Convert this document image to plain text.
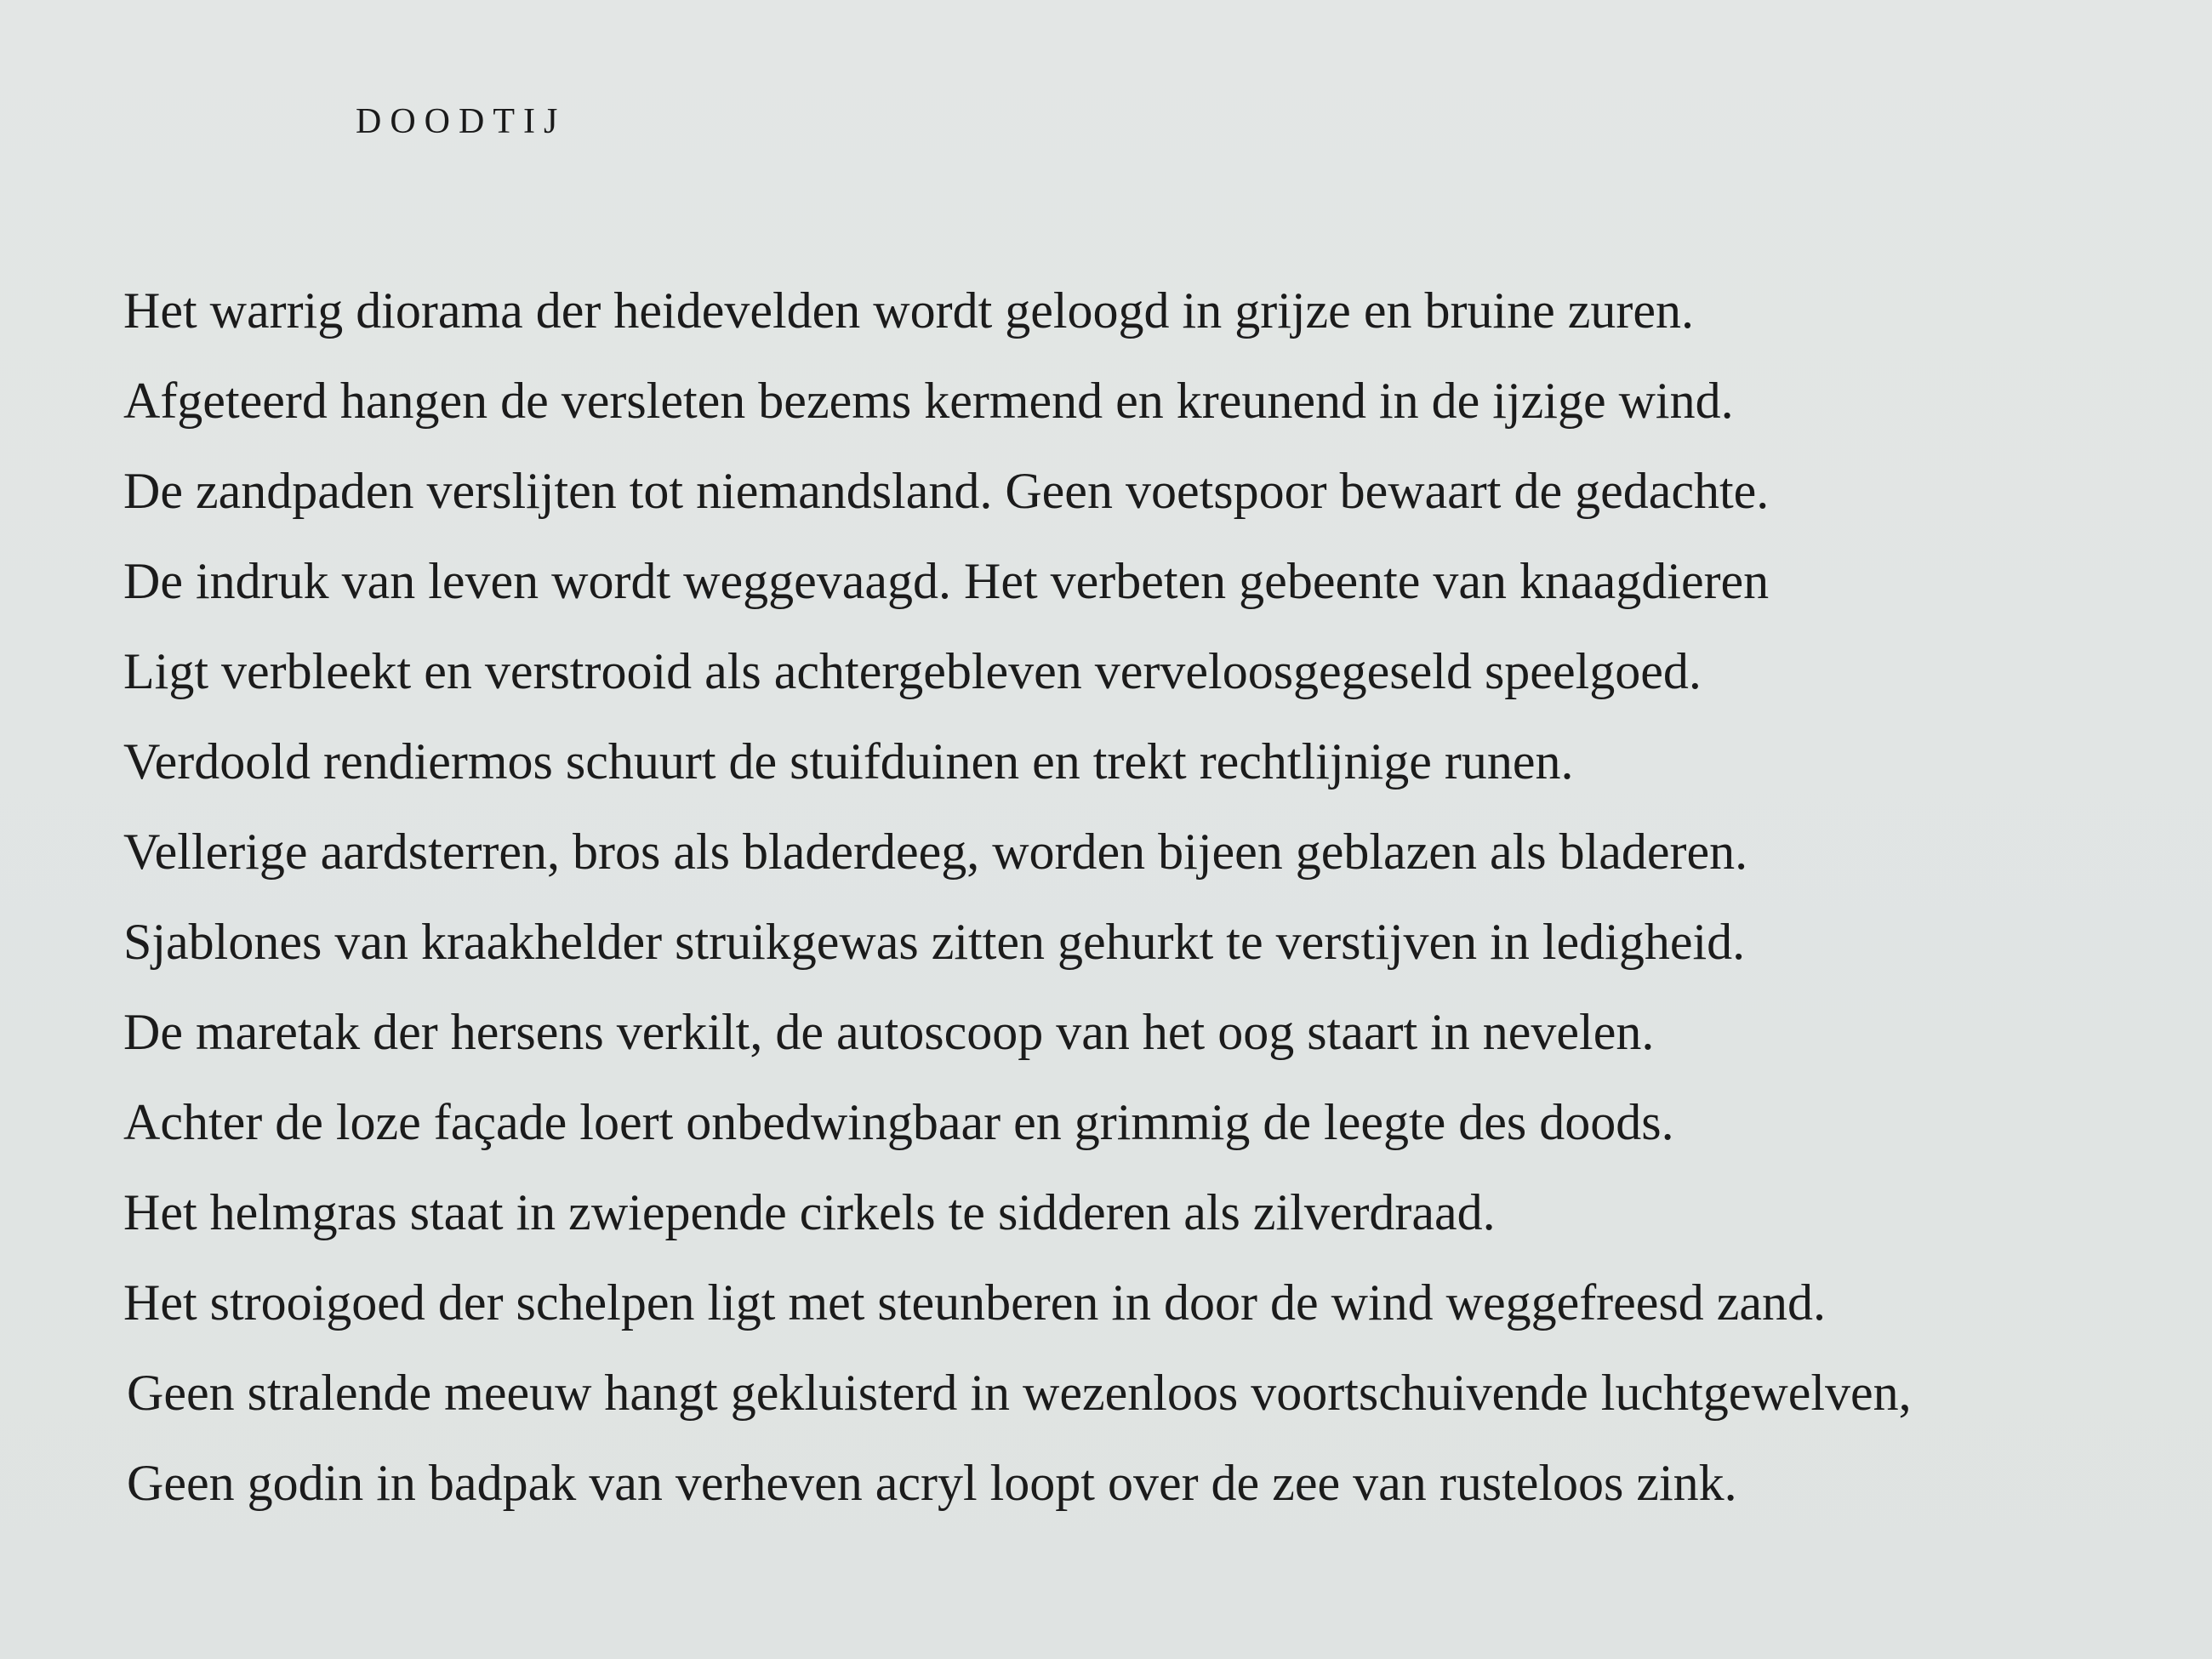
DOODTIJ
Het warrig diorama der heidevelden wordt geloogd in grijze en bruine zuren.
Afgeteerd hangen de versleten bezems kermend en kreunend in de ijzige wind.
De zandpaden verslijten tot niemandsland. Geen voetspoor bewaart de gedachte.
De indruk van leven wordt weggevaagd. Het verbeten gebeente van knaagdieren
Ligt verbleekt en verstrooid als achtergebleven verveloosgegeseld speelgoed.
Verdoold rendiermos schuurt de stuifduinen en trekt rechtlijnige runen.
Vellerige aardsterren, bros als bladerdeeg, worden bijeen geblazen als bladeren.
Sjablones van kraakhelder struikgewas zitten gehurkt te verstijven in ledigheid.
De maretak der hersens verkilt, de autoscoop van het oog staart in nevelen.
Achter de loze façade loert onbedwingbaar en grimmig de leegte des doods.
Het helmgras staat in zwiepende cirkels te sidderen als zilverdraad.
Het strooigoed der schelpen ligt met steunberen in door de wind weggefreesd zand.
Geen stralende meeuw hangt gekluisterd in wezenloos voortschuivende luchtgewelven,
Geen godin in badpak van verheven acryl loopt over de zee van rusteloos zink.
